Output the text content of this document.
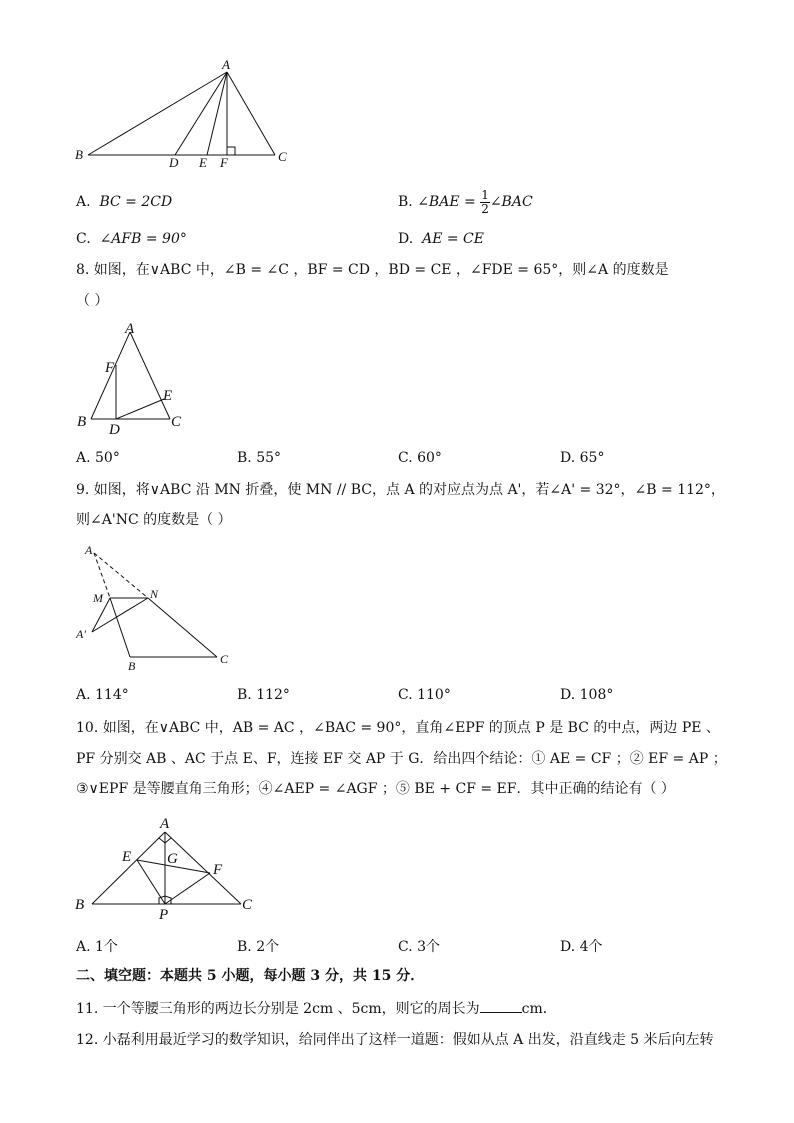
A
B	C
D E F
A. BC = 2CD	B.
∠BAE =
$\frac{1}{2}$ ∠BAC
C. ∠AFB = 90°	D. AE = CE
8. 如图，在∨ABC 中，∠B = ∠C ，BF = CD ，BD = CE ，∠FDE = 65°，则∠A 的度数是
（ ）
A
F
E
B D	C
A. 50°	B. 55°	C. 60°	D. 65°
9. 如图，将∨ABC 沿 MN 折叠，使 MN // BC，点 A 的对应点为点 A'，若∠A' = 32°，∠B = 112°，
则∠A'NC 的度数是（ ）
A
M	N
A'
B	C
A. 114°	B. 112°	C. 110°	D. 108°
10. 如图，在∨ABC 中，AB = AC ，∠BAC = 90°，直角∠EPF 的顶点 P 是 BC 的中点，两边 PE 、
PF 分别交 AB 、AC 于点 E、F，连接 EF 交 AP 于 G．给出四个结论：① AE = CF ；② EF = AP ；
③∨EPF 是等腰直角三角形；④∠AEP = ∠AGF ；⑤ BE + CF = EF．其中正确的结论有（ ）
A
E G
F
B
P
C
A. 1个	B. 2个	C. 3个	D. 4个
二、填空题：本题共 5 小题，每小题 3 分，共 15 分．
11. 一个等腰三角形的两边长分别是 2cm 、5cm，则它的周长为	cm．
12. 小磊利用最近学习的数学知识，给同伴出了这样一道题：假如从点 A 出发，沿直线走 5 米后向左转
